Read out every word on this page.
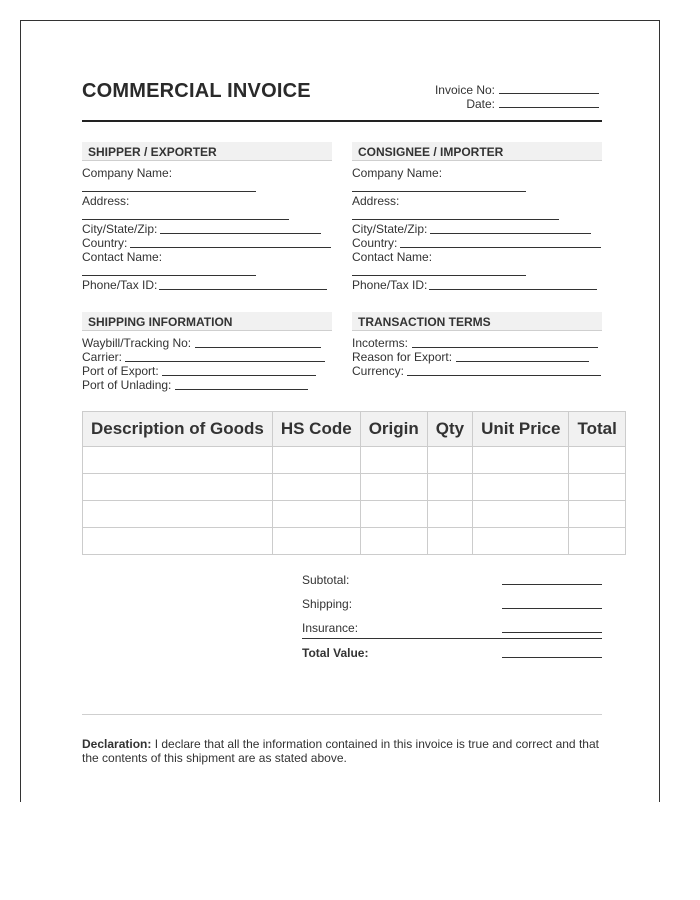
COMMERCIAL INVOICE	Invoice No:
Date:
SHIPPER / EXPORTER
Company Name:
Address:
City/State/Zip:
Country:
Contact Name:
Phone/Tax ID:
CONSIGNEE / IMPORTER
Company Name:
Address:
City/State/Zip:
Country:
Contact Name:
Phone/Tax ID:
SHIPPING INFORMATION
Waybill/Tracking No:
Carrier:
Port of Export:
Port of Unlading:
TRANSACTION TERMS
Incoterms:
Reason for Export:
Currency:
Description of Goods	HS Code	Origin	Qty	Unit Price	Total

Subtotal:
Shipping:
Insurance:
Total Value:
Declaration: I declare that all the information contained in this invoice is true and correct and that the contents of this shipment are as stated above.
